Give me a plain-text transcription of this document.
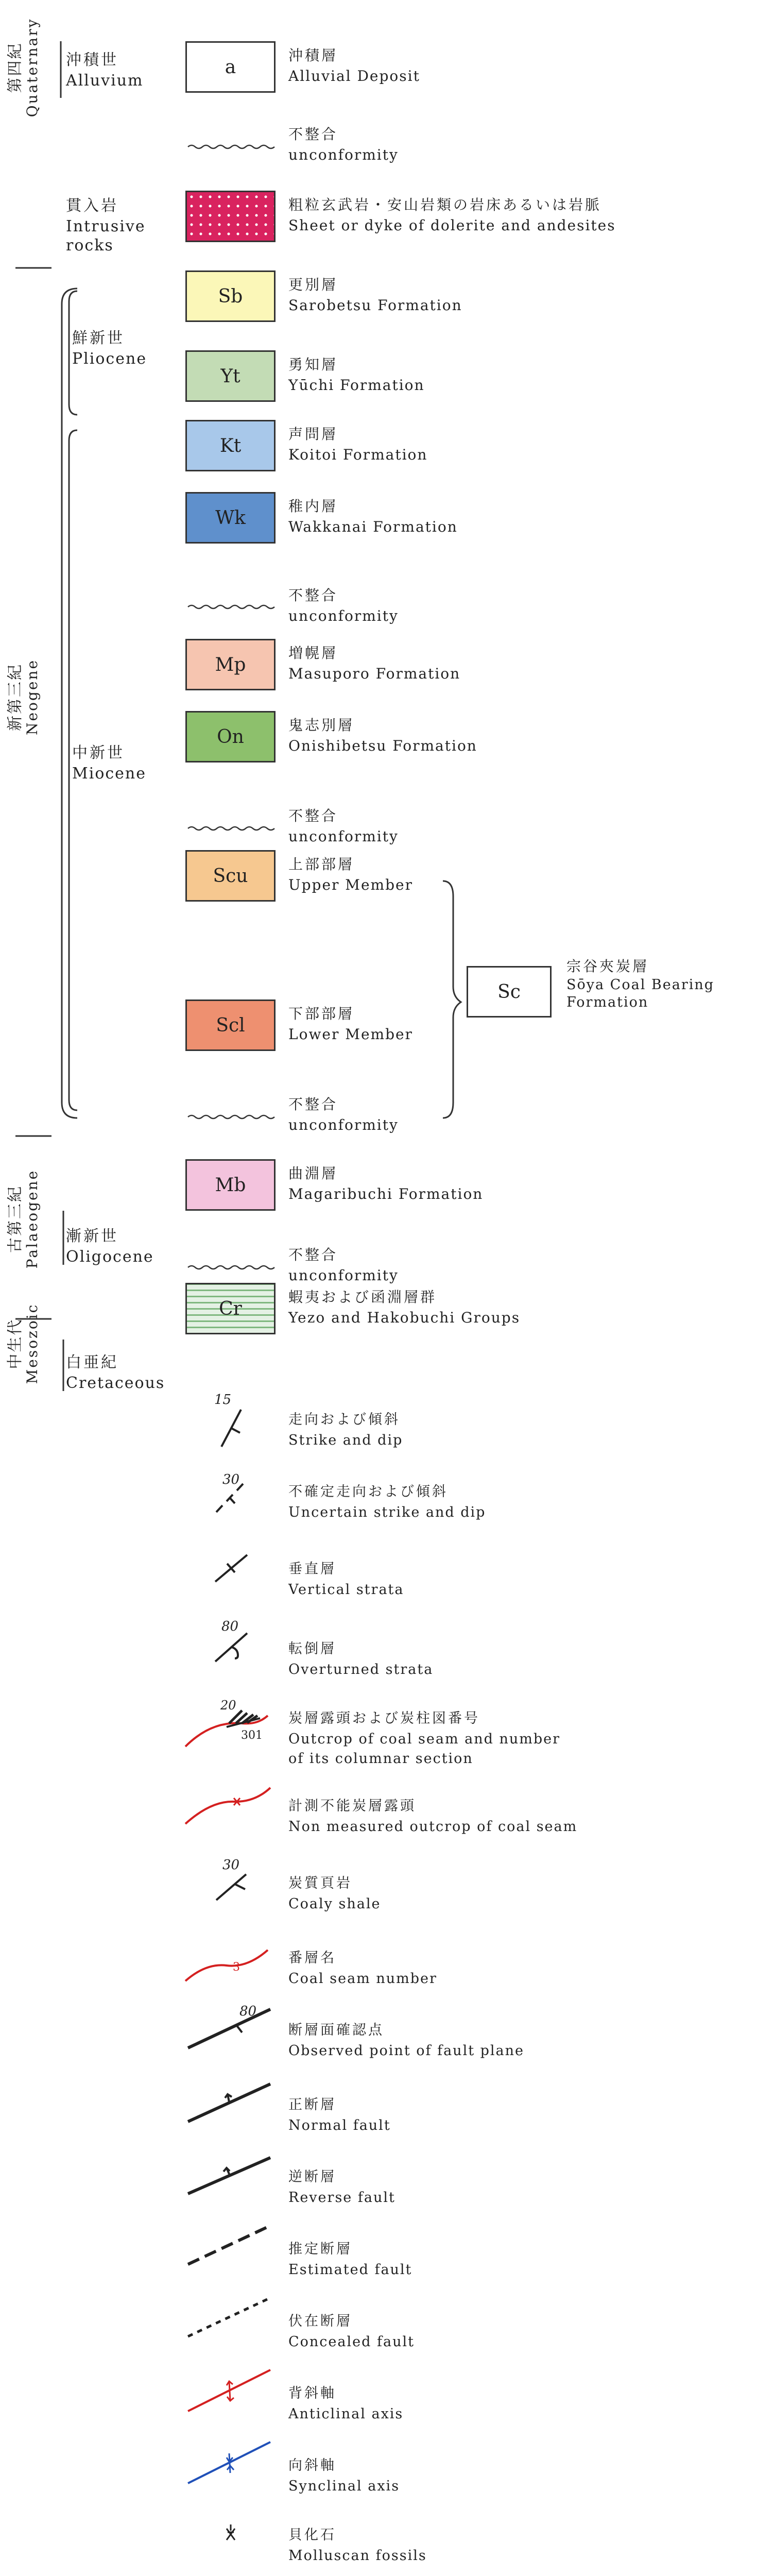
第四紀 Quaternary
新第三紀 Neogene
古第三紀 Palaeogene
中生代 Mesozoic
沖積世
Alluvium
貫入岩
Intrusive
rocks
鮮新世
Pliocene
中新世
Miocene
漸新世
Oligocene
白亜紀
Cretaceous
a
沖積層
Alluvial Deposit
粗粒玄武岩・安山岩類の岩床あるいは岩脈
Sheet or dyke of dolerite and andesites
Sb
更別層
Sarobetsu Formation
Yt
勇知層
Yūchi Formation
Kt
声問層
Koitoi Formation
Wk
稚内層
Wakkanai Formation
Mp
増幌層
Masuporo Formation
On
鬼志別層
Onishibetsu Formation
Scu
上部部層
Upper Member
Scl
下部部層
Lower Member
Mb
曲淵層
Magaribuchi Formation
Cr
蝦夷および函淵層群
Yezo and Hakobuchi Groups
不整合
unconformity
不整合
unconformity
不整合
unconformity
不整合
unconformity
不整合
unconformity
Sc
宗谷夾炭層
Sōya Coal Bearing
Formation
15
30
80
20
301
30
3
80
走向および傾斜
Strike and dip
不確定走向および傾斜
Uncertain strike and dip
垂直層
Vertical strata
転倒層
Overturned strata
炭層露頭および炭柱図番号
Outcrop of coal seam and number
of its columnar section
計測不能炭層露頭
Non measured outcrop of coal seam
炭質頁岩
Coaly shale
番層名
Coal seam number
断層面確認点
Observed point of fault plane
正断層
Normal fault
逆断層
Reverse fault
推定断層
Estimated fault
伏在断層
Concealed fault
背斜軸
Anticlinal axis
向斜軸
Synclinal axis
貝化石
Molluscan fossils
